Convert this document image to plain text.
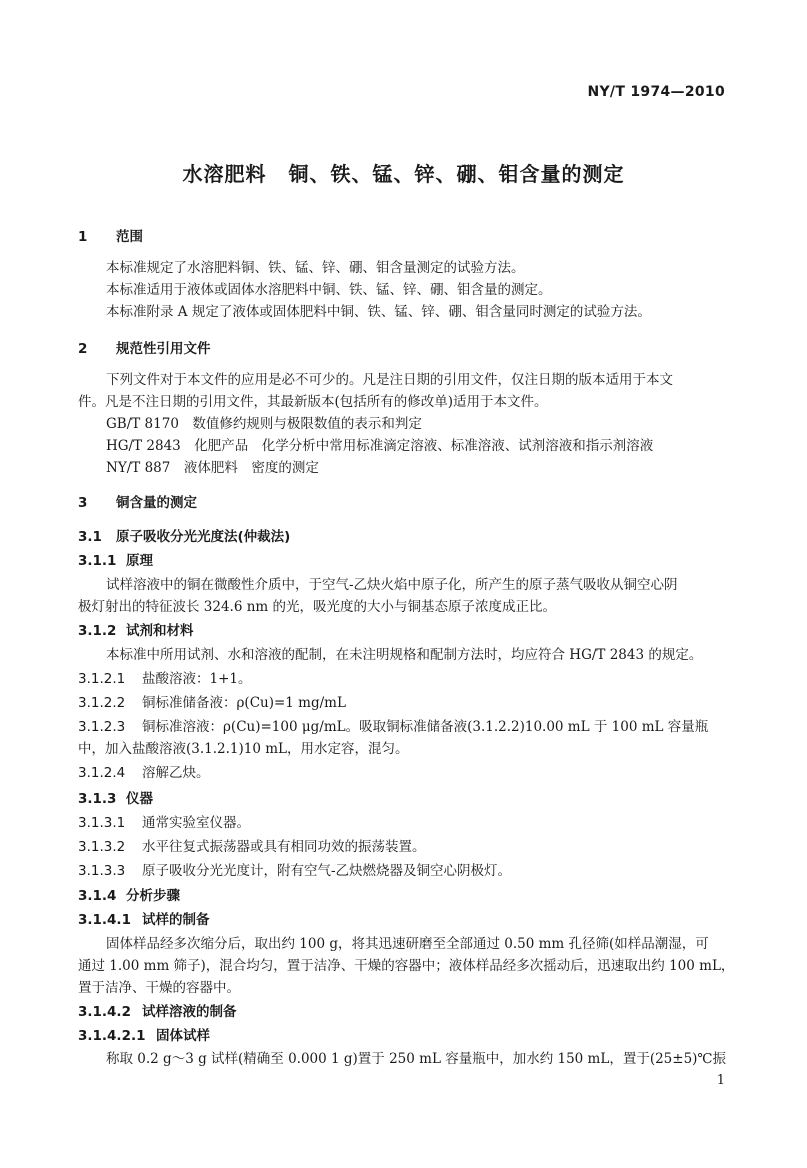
NY/T 1974—2010
水溶肥料 铜、铁、锰、锌、硼、钼含量的测定
1 范围
本标准规定了水溶肥料铜、铁、锰、锌、硼、钼含量测定的试验方法。
本标准适用于液体或固体水溶肥料中铜、铁、锰、锌、硼、钼含量的测定。
本标准附录 A 规定了液体或固体肥料中铜、铁、锰、锌、硼、钼含量同时测定的试验方法。
2 规范性引用文件
下列文件对于本文件的应用是必不可少的。凡是注日期的引用文件，仅注日期的版本适用于本文
件。凡是不注日期的引用文件，其最新版本(包括所有的修改单)适用于本文件。
GB/T 8170　数值修约规则与极限数值的表示和判定
HG/T 2843　化肥产品　化学分析中常用标准滴定溶液、标准溶液、试剂溶液和指示剂溶液
NY/T 887　液体肥料　密度的测定
3 铜含量的测定
3.1 原子吸收分光光度法(仲裁法)
3.1.1 原理
试样溶液中的铜在微酸性介质中，于空气-乙炔火焰中原子化，所产生的原子蒸气吸收从铜空心阴
极灯射出的特征波长 324.6 nm 的光，吸光度的大小与铜基态原子浓度成正比。
3.1.2 试剂和材料
本标准中所用试剂、水和溶液的配制，在未注明规格和配制方法时，均应符合 HG/T 2843 的规定。
3.1.2.1 盐酸溶液：1+1。
3.1.2.2 铜标准储备液：ρ(Cu)=1 mg/mL
3.1.2.3 铜标准溶液：ρ(Cu)=100 μg/mL。吸取铜标准储备液(3.1.2.2)10.00 mL 于 100 mL 容量瓶
中，加入盐酸溶液(3.1.2.1)10 mL，用水定容，混匀。
3.1.2.4 溶解乙炔。
3.1.3 仪器
3.1.3.1 通常实验室仪器。
3.1.3.2 水平往复式振荡器或具有相同功效的振荡装置。
3.1.3.3 原子吸收分光光度计，附有空气-乙炔燃烧器及铜空心阴极灯。
3.1.4 分析步骤
3.1.4.1 试样的制备
固体样品经多次缩分后，取出约 100 g，将其迅速研磨至全部通过 0.50 mm 孔径筛(如样品潮湿，可
通过 1.00 mm 筛子)，混合均匀，置于洁净、干燥的容器中；液体样品经多次摇动后，迅速取出约 100 mL，
置于洁净、干燥的容器中。
3.1.4.2 试样溶液的制备
3.1.4.2.1 固体试样
称取 0.2 g～3 g 试样(精确至 0.000 1 g)置于 250 mL 容量瓶中，加水约 150 mL，置于(25±5)℃振
1
